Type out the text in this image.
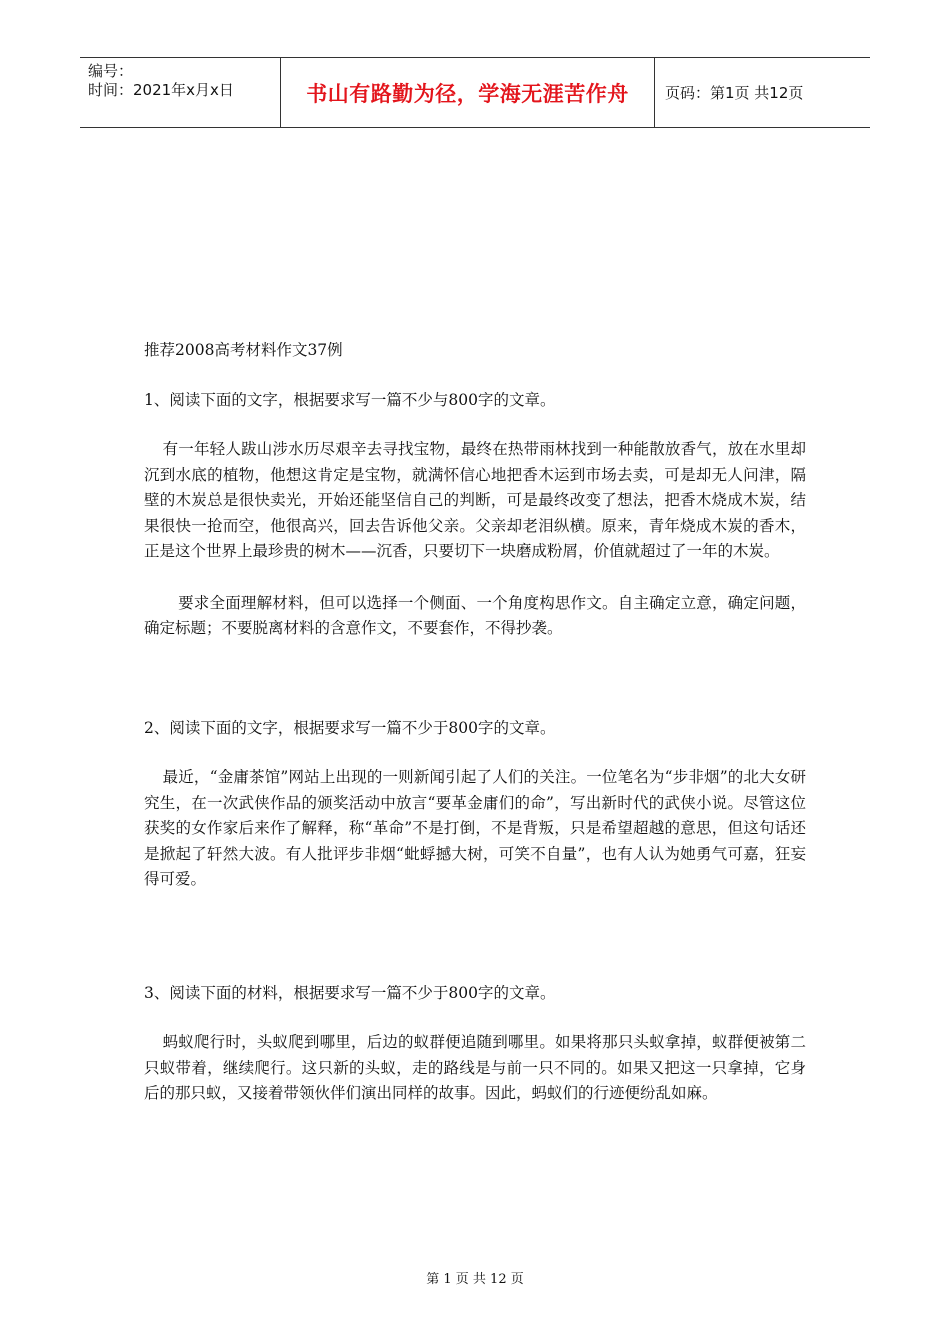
编号：
时间：2021年x月x日	书山有路勤为径，学海无涯苦作舟	页码：第1页 共12页

推荐2008高考材料作文37例

1、阅读下面的文字，根据要求写一篇不少与800字的文章。

有一年轻人跋山涉水历尽艰辛去寻找宝物，最终在热带雨林找到一种能散放香气，放在水里却沉到水底的植物，他想这肯定是宝物，就满怀信心地把香木运到市场去卖，可是却无人问津，隔壁的木炭总是很快卖光，开始还能坚信自己的判断，可是最终改变了想法，把香木烧成木炭，结果很快一抢而空，他很高兴，回去告诉他父亲。父亲却老泪纵横。原来，青年烧成木炭的香木，正是这个世界上最珍贵的树木——沉香，只要切下一块磨成粉屑，价值就超过了一年的木炭。

要求全面理解材料，但可以选择一个侧面、一个角度构思作文。自主确定立意，确定问题，确定标题；不要脱离材料的含意作文，不要套作，不得抄袭。

2、阅读下面的文字，根据要求写一篇不少于800字的文章。

最近，“金庸茶馆”网站上出现的一则新闻引起了人们的关注。一位笔名为“步非烟”的北大女研究生，在一次武侠作品的颁奖活动中放言“要革金庸们的命”，写出新时代的武侠小说。尽管这位获奖的女作家后来作了解释，称“革命”不是打倒，不是背叛，只是希望超越的意思，但这句话还是掀起了轩然大波。有人批评步非烟“蚍蜉撼大树，可笑不自量”，也有人认为她勇气可嘉，狂妄得可爱。

3、阅读下面的材料，根据要求写一篇不少于800字的文章。

蚂蚁爬行时，头蚁爬到哪里，后边的蚁群便追随到哪里。如果将那只头蚁拿掉，蚁群便被第二只蚁带着，继续爬行。这只新的头蚁，走的路线是与前一只不同的。如果又把这一只拿掉，它身后的那只蚁，又接着带领伙伴们演出同样的故事。因此，蚂蚁们的行迹便纷乱如麻。

第 1 页 共 12 页
